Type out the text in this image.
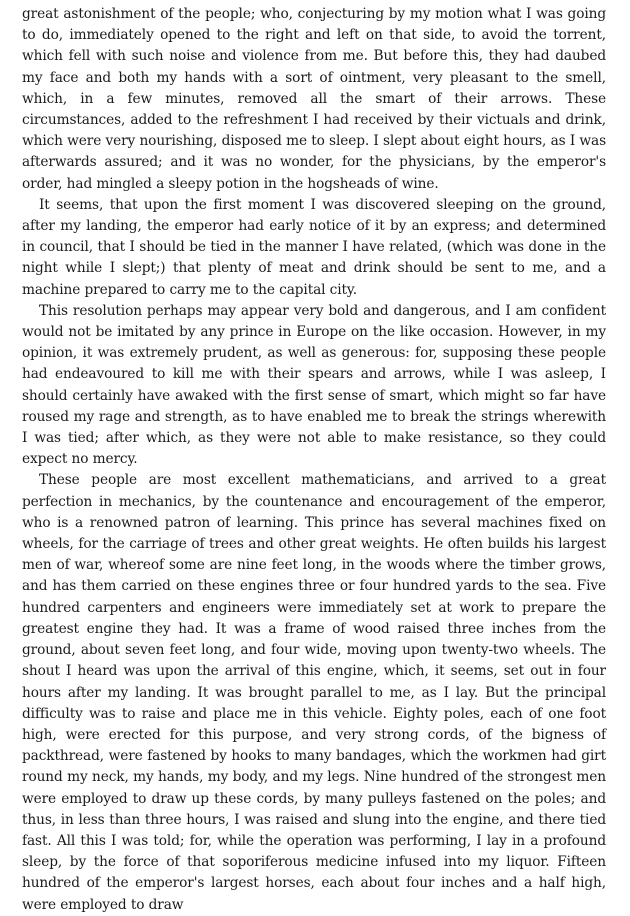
great astonishment of the people; who, conjecturing by my motion what I was going to do, immediately opened to the right and left on that side, to avoid the torrent, which fell with such noise and violence from me. But before this, they had daubed my face and both my hands with a sort of ointment, very pleasant to the smell, which, in a few minutes, removed all the smart of their arrows. These circumstances, added to the refreshment I had received by their victuals and drink, which were very nourishing, disposed me to sleep. I slept about eight hours, as I was afterwards assured; and it was no wonder, for the physicians, by the emperor's order, had mingled a sleepy potion in the hogsheads of wine.

It seems, that upon the first moment I was discovered sleeping on the ground, after my landing, the emperor had early notice of it by an express; and determined in council, that I should be tied in the manner I have related, (which was done in the night while I slept;) that plenty of meat and drink should be sent to me, and a machine prepared to carry me to the capital city.

This resolution perhaps may appear very bold and dangerous, and I am confident would not be imitated by any prince in Europe on the like occasion. However, in my opinion, it was extremely prudent, as well as generous: for, supposing these people had endeavoured to kill me with their spears and arrows, while I was asleep, I should certainly have awaked with the first sense of smart, which might so far have roused my rage and strength, as to have enabled me to break the strings wherewith I was tied; after which, as they were not able to make resistance, so they could expect no mercy.

These people are most excellent mathematicians, and arrived to a great perfection in mechanics, by the countenance and encouragement of the emperor, who is a renowned patron of learning. This prince has several machines fixed on wheels, for the carriage of trees and other great weights. He often builds his largest men of war, whereof some are nine feet long, in the woods where the timber grows, and has them carried on these engines three or four hundred yards to the sea. Five hundred carpenters and engineers were immediately set at work to prepare the greatest engine they had. It was a frame of wood raised three inches from the ground, about seven feet long, and four wide, moving upon twenty-two wheels. The shout I heard was upon the arrival of this engine, which, it seems, set out in four hours after my landing. It was brought parallel to me, as I lay. But the principal difficulty was to raise and place me in this vehicle. Eighty poles, each of one foot high, were erected for this purpose, and very strong cords, of the bigness of packthread, were fastened by hooks to many bandages, which the workmen had girt round my neck, my hands, my body, and my legs. Nine hundred of the strongest men were employed to draw up these cords, by many pulleys fastened on the poles; and thus, in less than three hours, I was raised and slung into the engine, and there tied fast. All this I was told; for, while the operation was performing, I lay in a profound sleep, by the force of that soporiferous medicine infused into my liquor. Fifteen hundred of the emperor's largest horses, each about four inches and a half high, were employed to draw
